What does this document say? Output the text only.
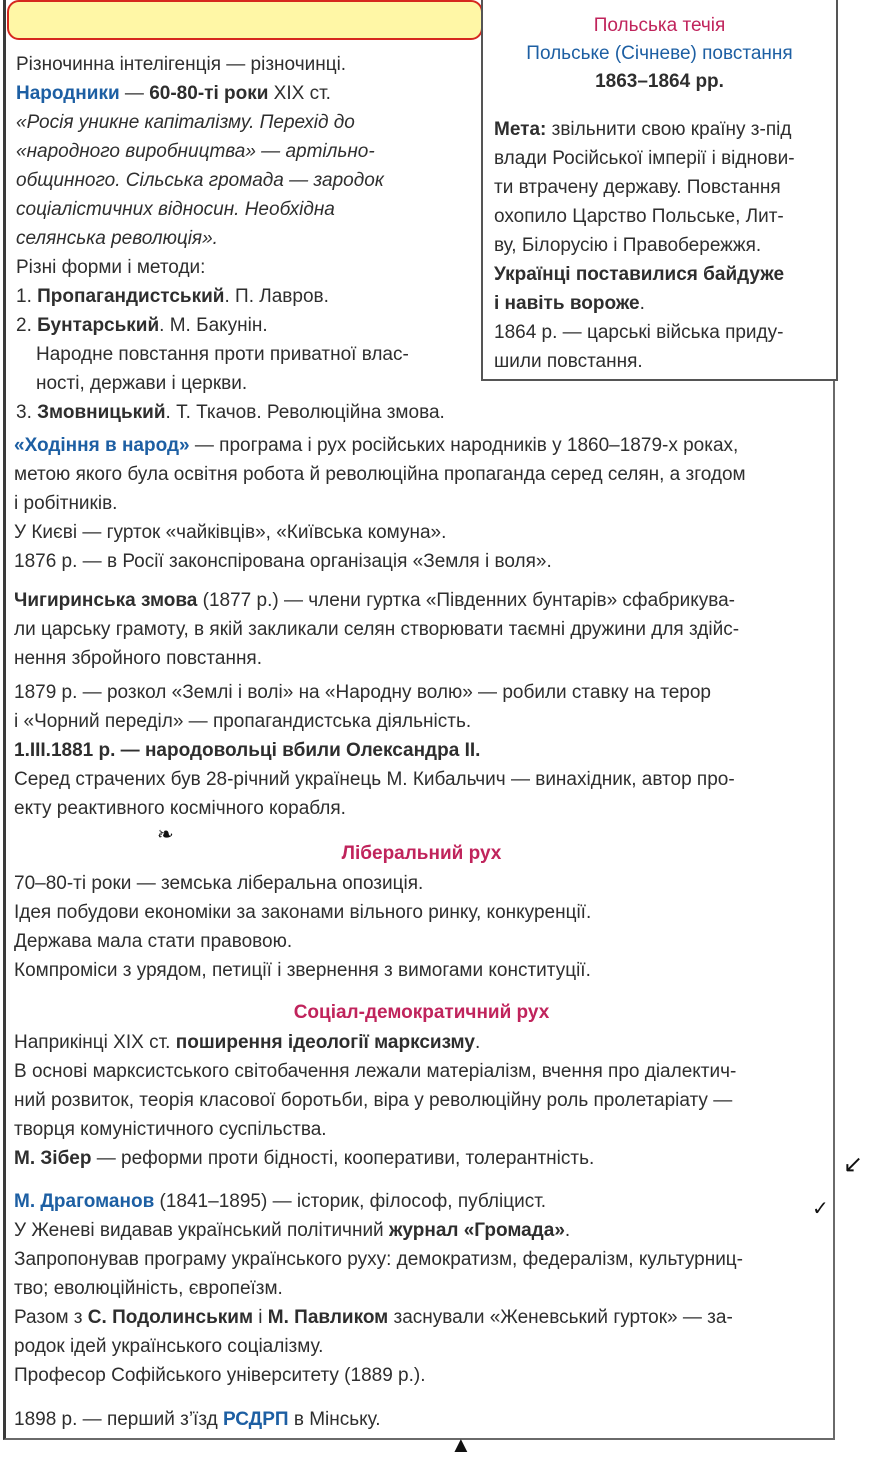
Різночинна інтелігенція — різночинці.
Народники — 60-80-ті роки ХІХ ст.
«Росія уникне капіталізму. Перехід до
«народного виробництва» — артільно-
общинного. Сільська громада — зародок
соціалістичних відносин. Необхідна
селянська революція».
Різні форми і методи:
1. Пропагандистський. П. Лавров.
2. Бунтарський. М. Бакунін.
Народне повстання проти приватної влас-
ності, держави і церкви.
3. Змовницький. Т. Ткачов. Революційна змова.
Польська течія
Польське (Січневе) повстання
1863–1864 рр.
Мета: звільнити свою країну з-під
влади Російської імперії і віднови-
ти втрачену державу. Повстання
охопило Царство Польське, Лит-
ву, Білорусію і Правобережжя.
Українці поставилися байдуже
і навіть вороже.
1864 р. — царські війська приду-
шили повстання.
«Ходіння в народ» — програма і рух російських народників у 1860–1879-х роках,
метою якого була освітня робота й революційна пропаганда серед селян, а згодом
і робітників.
У Києві — гурток «чайківців», «Київська комуна».
1876 р. — в Росії законспірована організація «Земля і воля».
Чигиринська змова (1877 р.) — члени гуртка «Південних бунтарів» сфабрикува-
ли царську грамоту, в якій закликали селян створювати таємні дружини для здійс-
нення збройного повстання.
1879 р. — розкол «Землі і волі» на «Народну волю» — робили ставку на терор
і «Чорний переділ» — пропагандистська діяльність.
1.III.1881 р. — народовольці вбили Олександра II.
Серед страчених був 28-річний українець М. Кибальчич — винахідник, автор про-
екту реактивного космічного корабля.
❧
Ліберальний рух
70–80-ті роки — земська ліберальна опозиція.
Ідея побудови економіки за законами вільного ринку, конкуренції.
Держава мала стати правовою.
Компроміси з урядом, петиції і звернення з вимогами конституції.
Соціал-демократичний рух
Наприкінці ХІХ ст. поширення ідеології марксизму.
В основі марксистського світобачення лежали матеріалізм, вчення про діалектич-
ний розвиток, теорія класової боротьби, віра у революційну роль пролетаріату —
творця комуністичного суспільства.
М. Зібер — реформи проти бідності, кооперативи, толерантність.	↙
✓
М. Драгоманов (1841–1895) — історик, філософ, публіцист.
У Женеві видавав український політичний журнал «Громада».
Запропонував програму українського руху: демократизм, федералізм, культурниц-
тво; еволюційність, європеїзм.
Разом з С. Подолинським і М. Павликом заснували «Женевський гурток» — за-
родок ідей українського соціалізму.
Професор Софійського університету (1889 р.).
1898 р. — перший з’їзд РСДРП в Мінську.
▲
